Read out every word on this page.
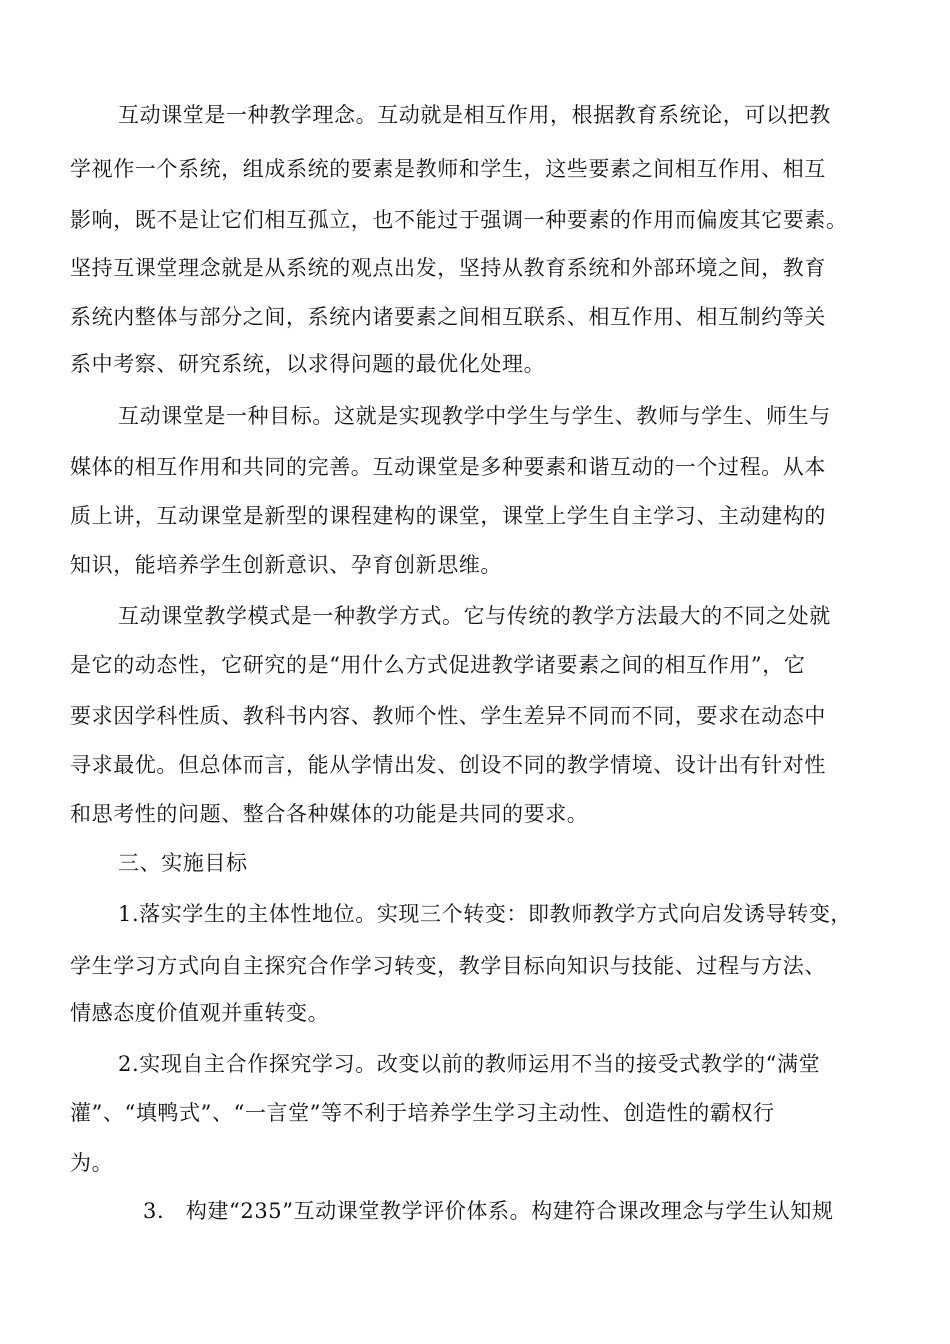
互动课堂是一种教学理念。互动就是相互作用，根据教育系统论，可以把教
学视作一个系统，组成系统的要素是教师和学生，这些要素之间相互作用、相互
影响，既不是让它们相互孤立，也不能过于强调一种要素的作用而偏废其它要素。
坚持互课堂理念就是从系统的观点出发，坚持从教育系统和外部环境之间，教育
系统内整体与部分之间，系统内诸要素之间相互联系、相互作用、相互制约等关
系中考察、研究系统，以求得问题的最优化处理。
互动课堂是一种目标。这就是实现教学中学生与学生、教师与学生、师生与
媒体的相互作用和共同的完善。互动课堂是多种要素和谐互动的一个过程。从本
质上讲，互动课堂是新型的课程建构的课堂，课堂上学生自主学习、主动建构的
知识，能培养学生创新意识、孕育创新思维。
互动课堂教学模式是一种教学方式。它与传统的教学方法最大的不同之处就
是它的动态性，它研究的是“用什么方式促进教学诸要素之间的相互作用”，它
要求因学科性质、教科书内容、教师个性、学生差异不同而不同，要求在动态中
寻求最优。但总体而言，能从学情出发、创设不同的教学情境、设计出有针对性
和思考性的问题、整合各种媒体的功能是共同的要求。
三、实施目标
1.落实学生的主体性地位。实现三个转变：即教师教学方式向启发诱导转变，
学生学习方式向自主探究合作学习转变，教学目标向知识与技能、过程与方法、
情感态度价值观并重转变。
2.实现自主合作探究学习。改变以前的教师运用不当的接受式教学的“满堂
灌”、“填鸭式”、“一言堂”等不利于培养学生学习主动性、创造性的霸权行
为。
3.　构建“235”互动课堂教学评价体系。构建符合课改理念与学生认知规
